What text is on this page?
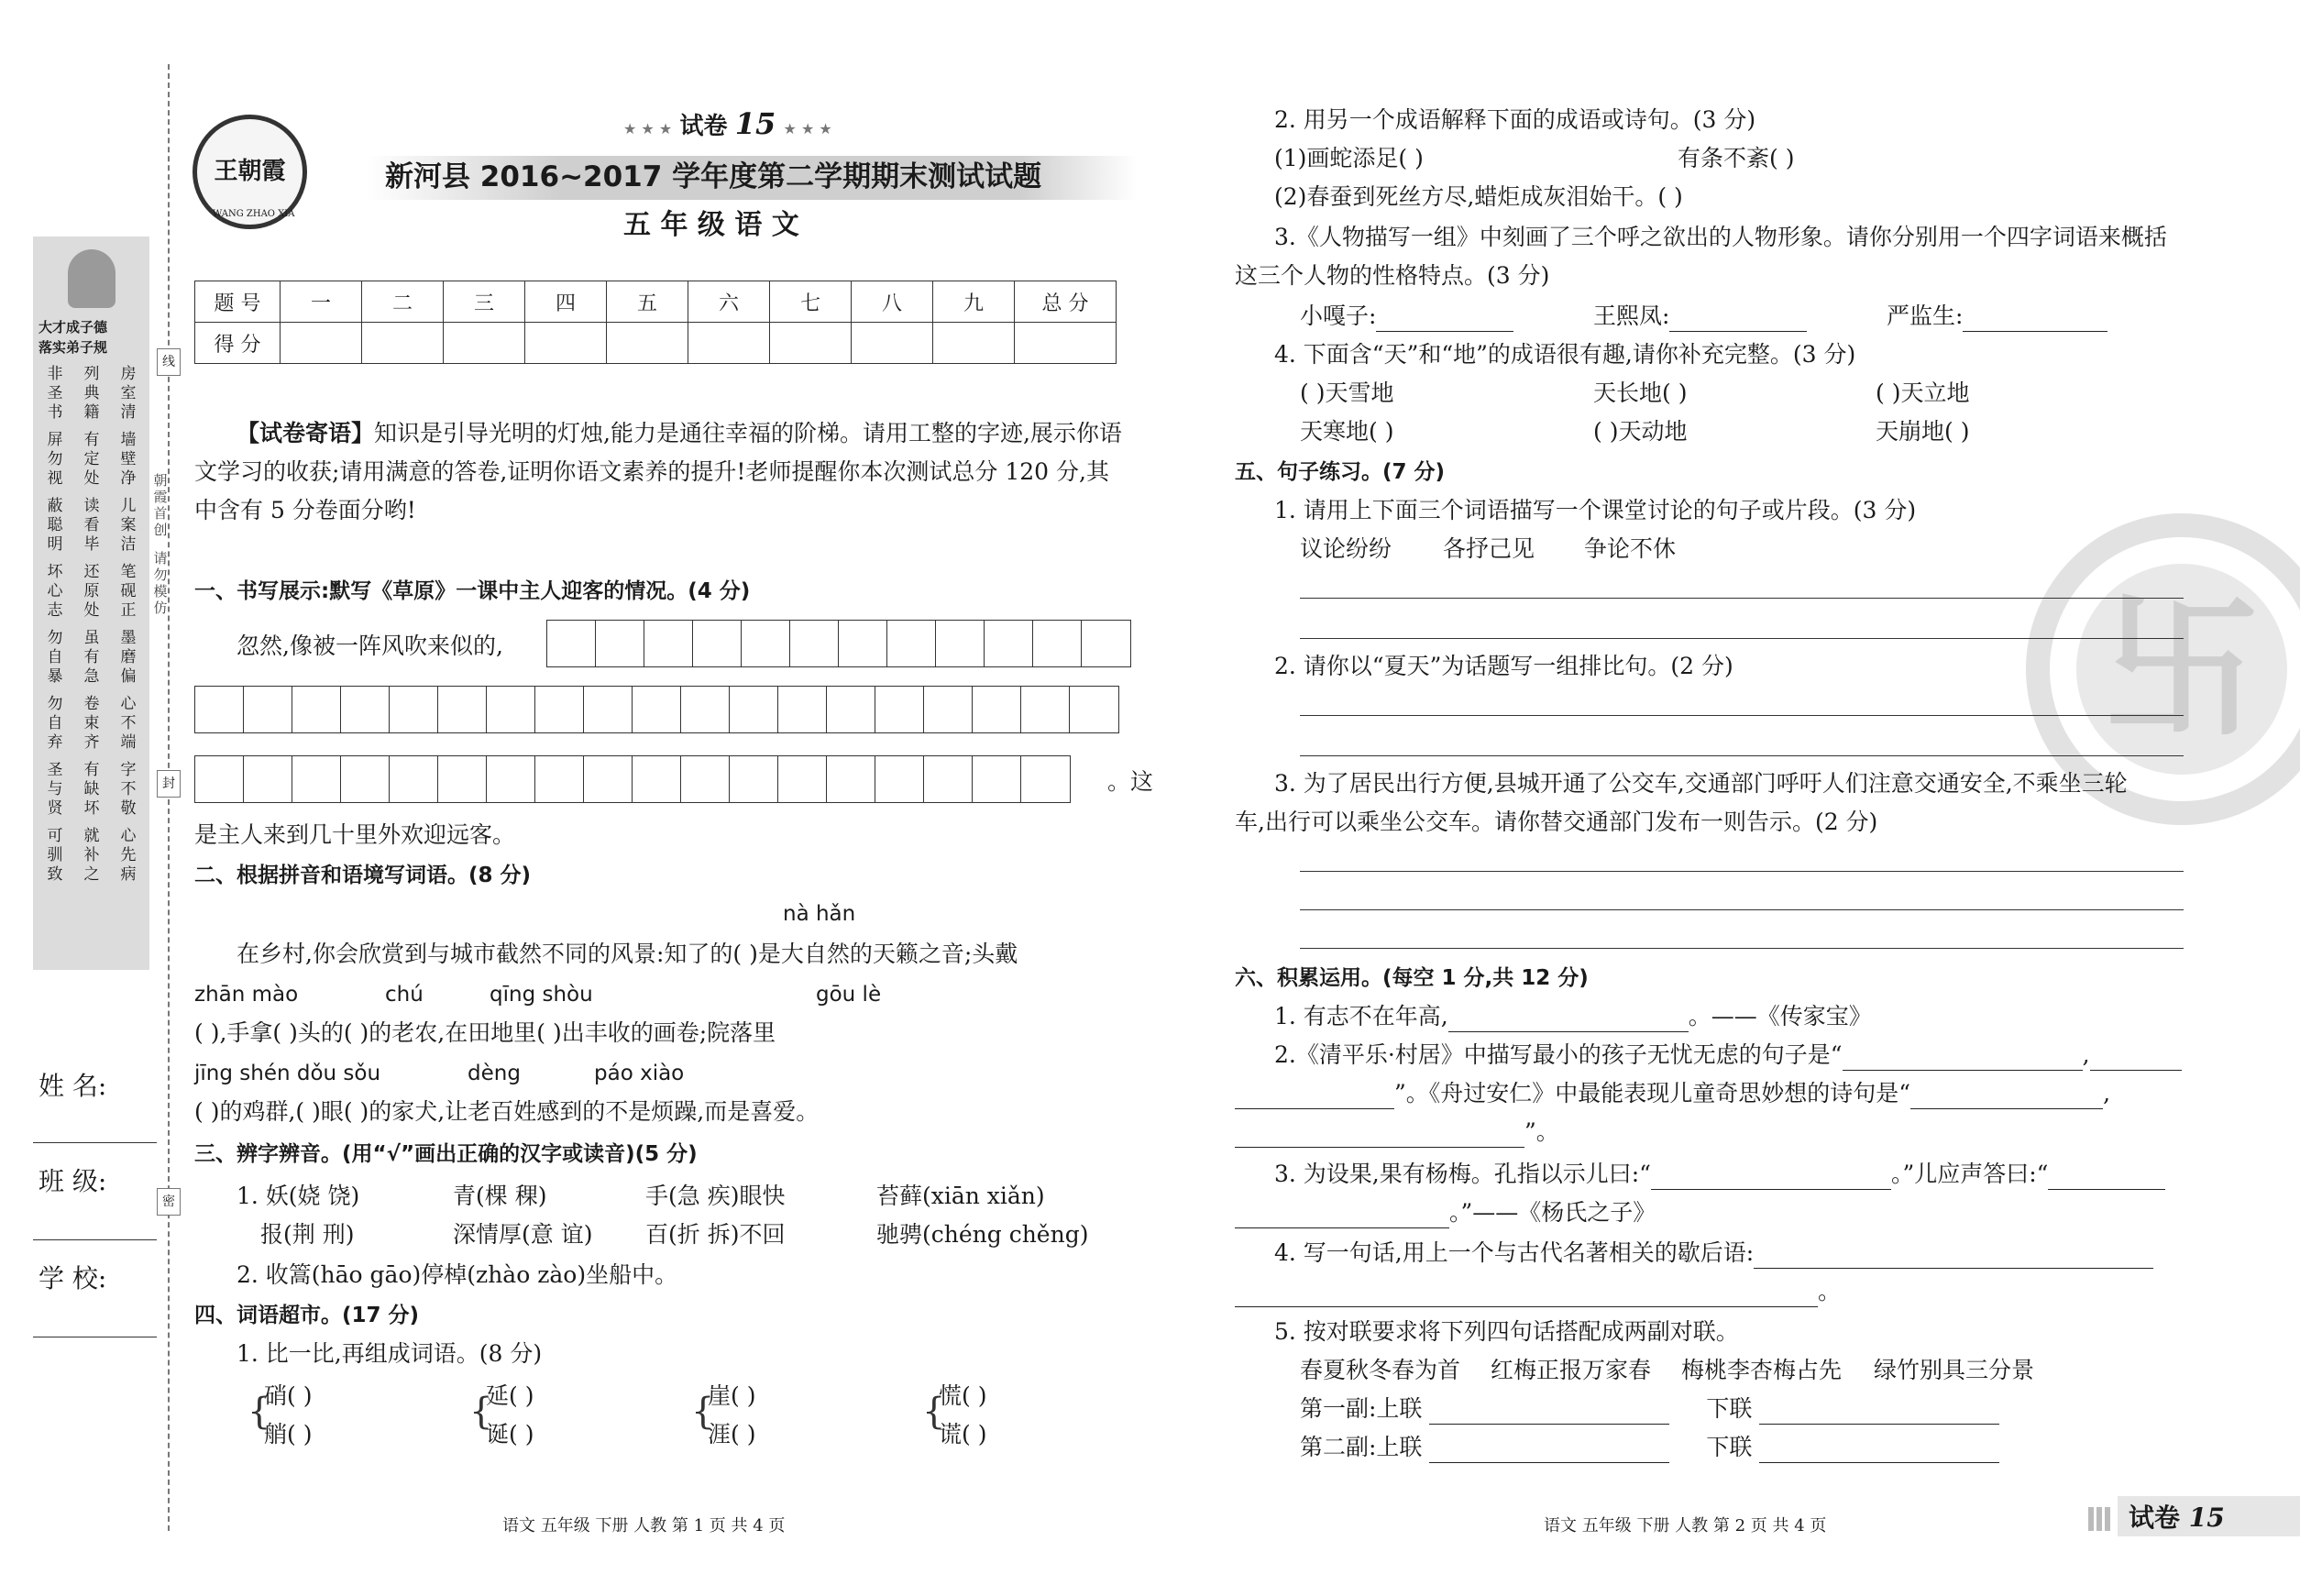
朝霞首创
请勿模仿
线
封
密
大才成子德
落实弟子规
非
圣
书
屏
勿
视
蔽
聪
明
坏
心
志
勿
自
暴
勿
自
弃
圣
与
贤
可
驯
致
列
典
籍
有
定
处
读
看
毕
还
原
处
虽
有
急
卷
束
齐
有
缺
坏
就
补
之
房
室
清
墙
壁
净
儿
案
洁
笔
砚
正
墨
磨
偏
心
不
端
字
不
敬
心
先
病
姓 名:
班 级:
学 校:
王朝霞
WANG ZHAO XIA
★ ★ ★ 试卷 15 ★ ★ ★
新河县 2016~2017 学年度第二学期期末测试试题
五 年 级 语 文
题 号	一	二	三	四	五	六	七	八	九	总 分
得 分										
【试卷寄语】知识是引导光明的灯烛,能力是通往幸福的阶梯。请用工整的字迹,展示你语
文学习的收获;请用满意的答卷,证明你语文素养的提升!老师提醒你本次测试总分 120 分,其
中含有 5 分卷面分哟!
一、书写展示:默写《草原》一课中主人迎客的情况。(4 分)
忽然,像被一阵风吹来似的,
。这
是主人来到几十里外欢迎远客。
二、根据拼音和语境写词语。(8 分)
nà hǎn
在乡村,你会欣赏到与城市截然不同的风景:知了的( )是大自然的天籁之音;头戴
zhān mào	chú	qīng shòu	gōu lè
( ),手拿( )头的( )的老农,在田地里( )出丰收的画卷;院落里
jīng shén dǒu sǒu	dèng	páo xiào
( )的鸡群,( )眼( )的家犬,让老百姓感到的不是烦躁,而是喜爱。
三、辨字辨音。(用“√”画出正确的汉字或读音)(5 分)
1. 妖(娆 饶)	青(棵 稞)	手(急 疾)眼快	苔藓(xiān xiǎn)
报(荆 刑)	深情厚(意 谊) 百(折 拆)不回	驰骋(chéng chěng)
2. 收篙(hāo gāo)停棹(zhào zào)坐船中。
四、词语超市。(17 分)
1. 比一比,再组成词语。(8 分)
{
硝( )
艄( )
{
延( )
诞( )
{
崖( )
涯( )
{
慌( )
谎( )
语文 五年级 下册 人教 第 1 页 共 4 页
卐
2. 用另一个成语解释下面的成语或诗句。(3 分)
(1)画蛇添足( )	有条不紊( )
(2)春蚕到死丝方尽,蜡炬成灰泪始干。( )
3.《人物描写一组》中刻画了三个呼之欲出的人物形象。请你分别用一个四字词语来概括
这三个人物的性格特点。(3 分)
小嘎子:	王熙凤:	严监生:
4. 下面含“天”和“地”的成语很有趣,请你补充完整。(3 分)
( )天雪地	天长地( )	( )天立地
天寒地( )	( )天动地	天崩地( )
五、句子练习。(7 分)
1. 请用上下面三个词语描写一个课堂讨论的句子或片段。(3 分)
议论纷纷 各抒己见 争论不休
2. 请你以“夏天”为话题写一组排比句。(2 分)
3. 为了居民出行方便,县城开通了公交车,交通部门呼吁人们注意交通安全,不乘坐三轮
车,出行可以乘坐公交车。请你替交通部门发布一则告示。(2 分)
六、积累运用。(每空 1 分,共 12 分)
1. 有志不在年高,	。——《传家宝》
2.《清平乐·村居》中描写最小的孩子无忧无虑的句子是“	,
”。《舟过安仁》中最能表现儿童奇思妙想的诗句是“	,
”。
3. 为设果,果有杨梅。孔指以示儿曰:“	。”儿应声答曰:“
。”——《杨氏之子》
4. 写一句话,用上一个与古代名著相关的歇后语:
。
5. 按对联要求将下列四句话搭配成两副对联。
春夏秋冬春为首 红梅正报万家春 梅桃李杏梅占先 绿竹别具三分景
第一副:上联	下联
第二副:上联	下联
语文 五年级 下册 人教 第 2 页 共 4 页	试卷 15
